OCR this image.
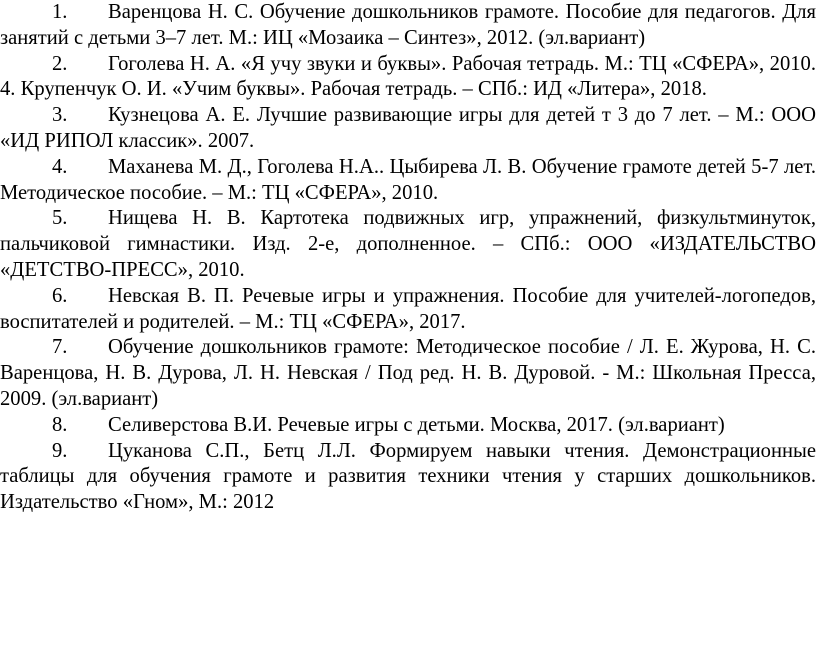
1. Варенцова Н. С. Обучение дошкольников грамоте. Пособие для педагогов. Для занятий с детьми 3–7 лет. М.: ИЦ «Мозаика – Синтез», 2012. (эл.вариант)

2. Гоголева Н. А. «Я учу звуки и буквы». Рабочая тетрадь. М.: ТЦ «СФЕРА», 2010. 4. Крупенчук О. И. «Учим буквы». Рабочая тетрадь. – СПб.: ИД «Литера», 2018.

3. Кузнецова А. Е. Лучшие развивающие игры для детей т 3 до 7 лет. – М.: ООО «ИД РИПОЛ классик». 2007.

4. Маханева М. Д., Гоголева Н.А.. Цыбирева Л. В. Обучение грамоте детей 5-7 лет. Методическое пособие. – М.: ТЦ «СФЕРА», 2010.

5. Нищева Н. В. Картотека подвижных игр, упражнений, физкультминуток, пальчиковой гимнастики. Изд. 2-е, дополненное. – СПб.: ООО «ИЗДАТЕЛЬСТВО «ДЕТСТВО-ПРЕСС», 2010.

6. Невская В. П. Речевые игры и упражнения. Пособие для учителей-логопедов, воспитателей и родителей. – М.: ТЦ «СФЕРА», 2017.

7. Обучение дошкольников грамоте: Методическое пособие / Л. Е. Журова, Н. С. Варенцова, Н. В. Дурова, Л. Н. Невская / Под ред. Н. В. Дуровой. - М.: Школьная Пресса, 2009. (эл.вариант)

8. Селиверстова В.И. Речевые игры с детьми. Москва, 2017. (эл.вариант)

9. Цуканова С.П., Бетц Л.Л. Формируем навыки чтения. Демонстрационные таблицы для обучения грамоте и развития техники чтения у старших дошкольников. Издательство «Гном», М.: 2012
